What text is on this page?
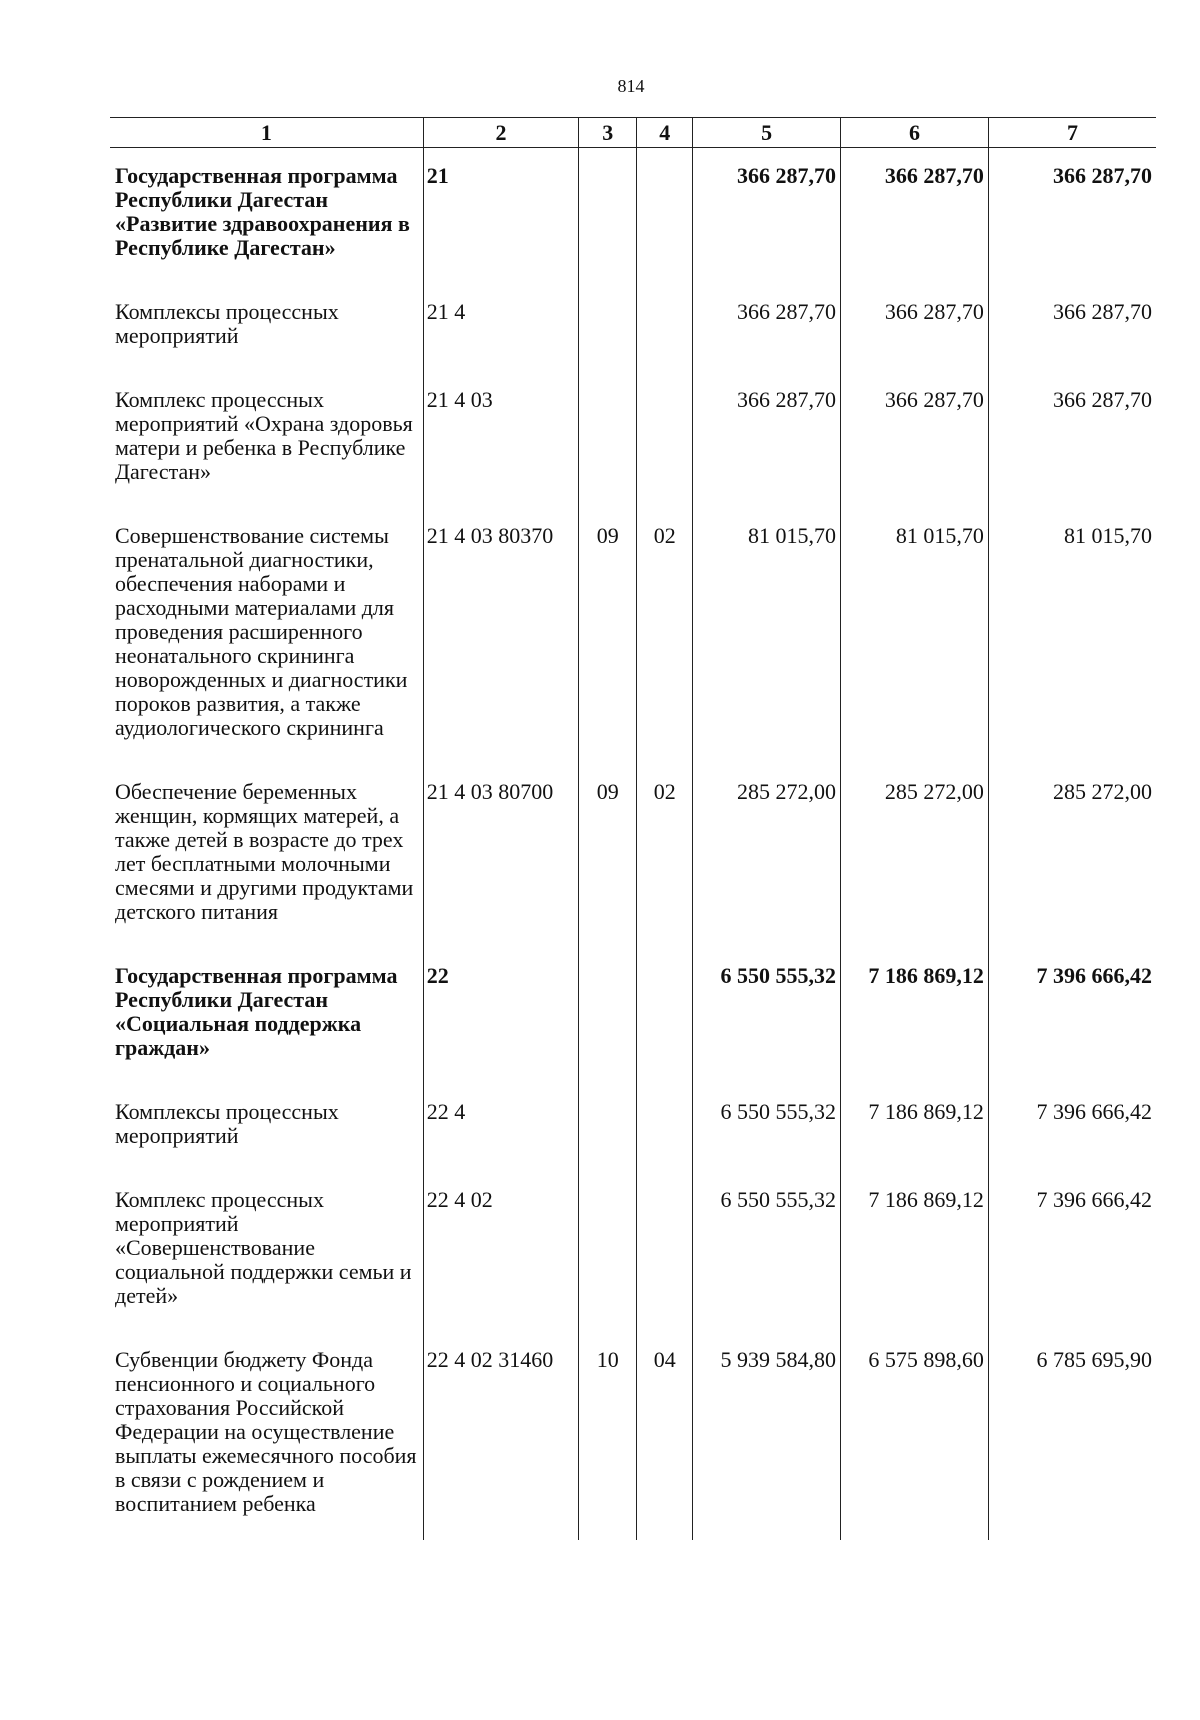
814
1	2	3	4	5	6	7
Государственная программа Республики Дагестан «Развитие здравоохранения в Республике Дагестан»	21			366 287,70	366 287,70	366 287,70
Комплексы процессных мероприятий	21 4			366 287,70	366 287,70	366 287,70
Комплекс процессных мероприятий «Охрана здоровья матери и ребенка в Республике Дагестан»	21 4 03			366 287,70	366 287,70	366 287,70
Совершенствование системы пренатальной диагностики, обеспечения наборами и расходными материалами для проведения расширенного неонатального скрининга новорожденных и диагностики пороков развития, а также аудиологического скрининга	21 4 03 80370	09	02	81 015,70	81 015,70	81 015,70
Обеспечение беременных женщин, кормящих матерей, а также детей в возрасте до трех лет бесплатными молочными смесями и другими продуктами детского питания	21 4 03 80700	09	02	285 272,00	285 272,00	285 272,00
Государственная программа Республики Дагестан «Социальная поддержка граждан»	22			6 550 555,32	7 186 869,12	7 396 666,42
Комплексы процессных мероприятий	22 4			6 550 555,32	7 186 869,12	7 396 666,42
Комплекс процессных мероприятий «Совершенствование социальной поддержки семьи и детей»	22 4 02			6 550 555,32	7 186 869,12	7 396 666,42
Субвенции бюджету Фонда пенсионного и социального страхования Российской Федерации на осуществление выплаты ежемесячного пособия в связи с рождением и воспитанием ребенка	22 4 02 31460	10	04	5 939 584,80	6 575 898,60	6 785 695,90
